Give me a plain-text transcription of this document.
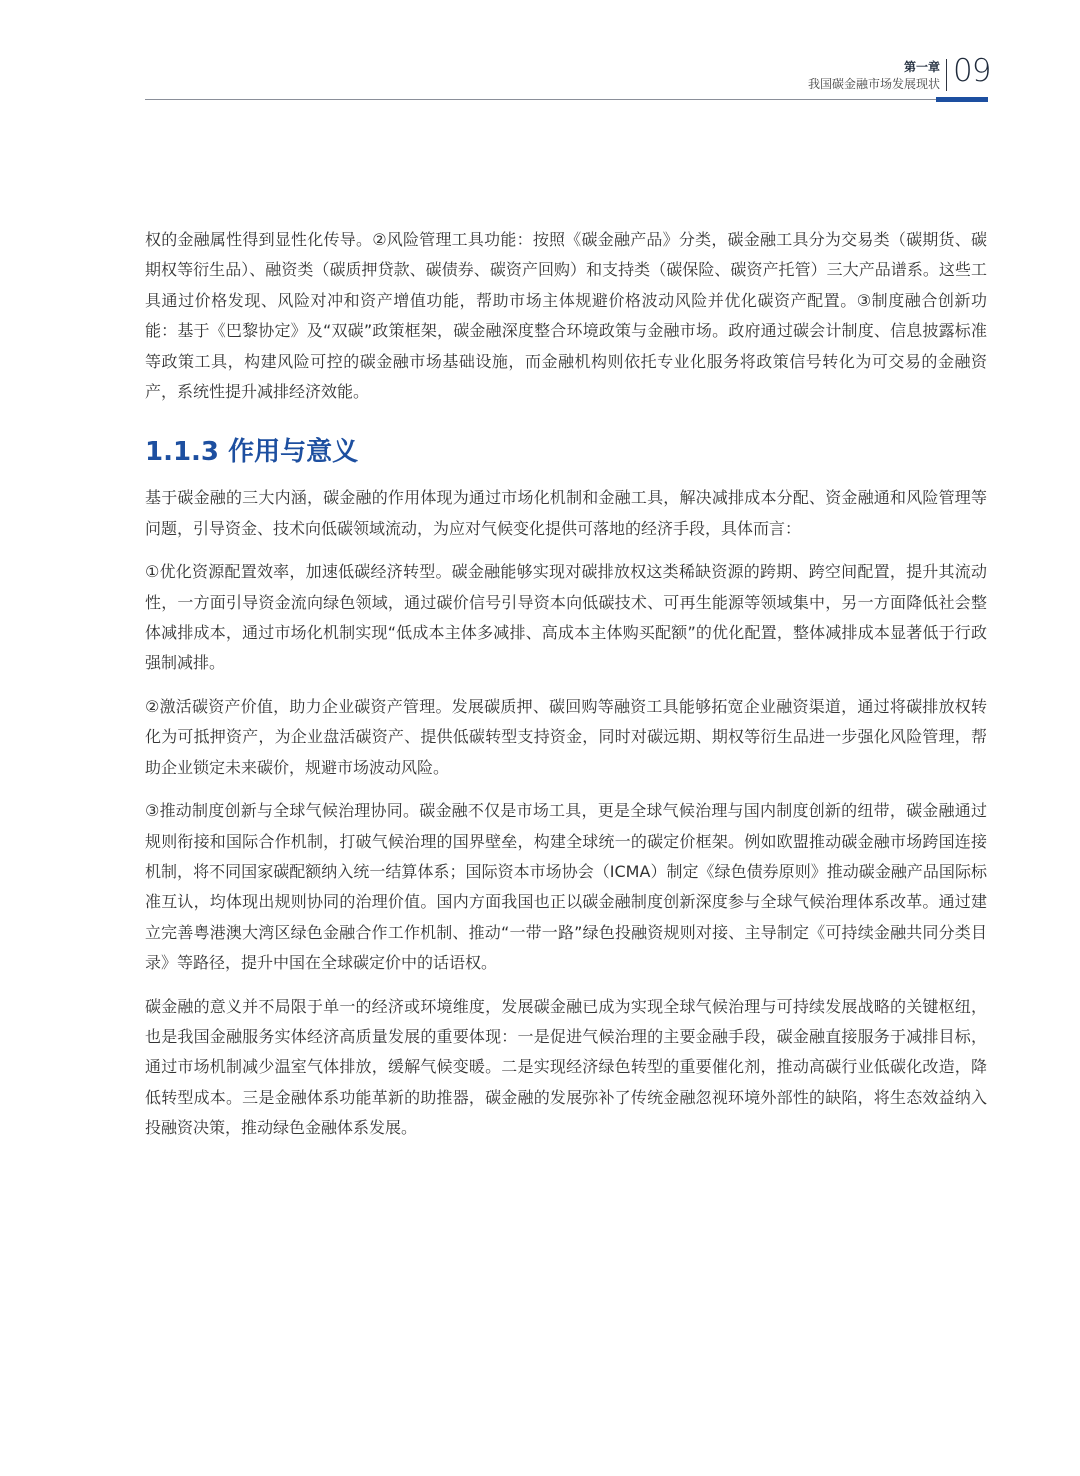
第一章
我国碳金融市场发展现状 09

权的金融属性得到显性化传导。②风险管理工具功能：按照《碳金融产品》分类，碳金融工具分为交易类（碳期货、碳期权等衍生品）、融资类（碳质押贷款、碳债券、碳资产回购）和支持类（碳保险、碳资产托管）三大产品谱系。这些工具通过价格发现、风险对冲和资产增值功能，帮助市场主体规避价格波动风险并优化碳资产配置。③制度融合创新功能：基于《巴黎协定》及“双碳”政策框架，碳金融深度整合环境政策与金融市场。政府通过碳会计制度、信息披露标准等政策工具，构建风险可控的碳金融市场基础设施，而金融机构则依托专业化服务将政策信号转化为可交易的金融资产，系统性提升减排经济效能。

1.1.3 作用与意义

基于碳金融的三大内涵，碳金融的作用体现为通过市场化机制和金融工具，解决减排成本分配、资金融通和风险管理等问题，引导资金、技术向低碳领域流动，为应对气候变化提供可落地的经济手段，具体而言：

①优化资源配置效率，加速低碳经济转型。碳金融能够实现对碳排放权这类稀缺资源的跨期、跨空间配置，提升其流动性，一方面引导资金流向绿色领域，通过碳价信号引导资本向低碳技术、可再生能源等领域集中，另一方面降低社会整体减排成本，通过市场化机制实现“低成本主体多减排、高成本主体购买配额”的优化配置，整体减排成本显著低于行政强制减排。

②激活碳资产价值，助力企业碳资产管理。发展碳质押、碳回购等融资工具能够拓宽企业融资渠道，通过将碳排放权转化为可抵押资产，为企业盘活碳资产、提供低碳转型支持资金，同时对碳远期、期权等衍生品进一步强化风险管理，帮助企业锁定未来碳价，规避市场波动风险。

③推动制度创新与全球气候治理协同。碳金融不仅是市场工具，更是全球气候治理与国内制度创新的纽带，碳金融通过规则衔接和国际合作机制，打破气候治理的国界壁垒，构建全球统一的碳定价框架。例如欧盟推动碳金融市场跨国连接机制，将不同国家碳配额纳入统一结算体系；国际资本市场协会（ICMA）制定《绿色债券原则》推动碳金融产品国际标准互认，均体现出规则协同的治理价值。国内方面我国也正以碳金融制度创新深度参与全球气候治理体系改革。通过建立完善粤港澳大湾区绿色金融合作工作机制、推动“一带一路”绿色投融资规则对接、主导制定《可持续金融共同分类目录》等路径，提升中国在全球碳定价中的话语权。

碳金融的意义并不局限于单一的经济或环境维度，发展碳金融已成为实现全球气候治理与可持续发展战略的关键枢纽，也是我国金融服务实体经济高质量发展的重要体现：一是促进气候治理的主要金融手段，碳金融直接服务于减排目标，通过市场机制减少温室气体排放，缓解气候变暖。二是实现经济绿色转型的重要催化剂，推动高碳行业低碳化改造，降低转型成本。三是金融体系功能革新的助推器，碳金融的发展弥补了传统金融忽视环境外部性的缺陷，将生态效益纳入投融资决策，推动绿色金融体系发展。
